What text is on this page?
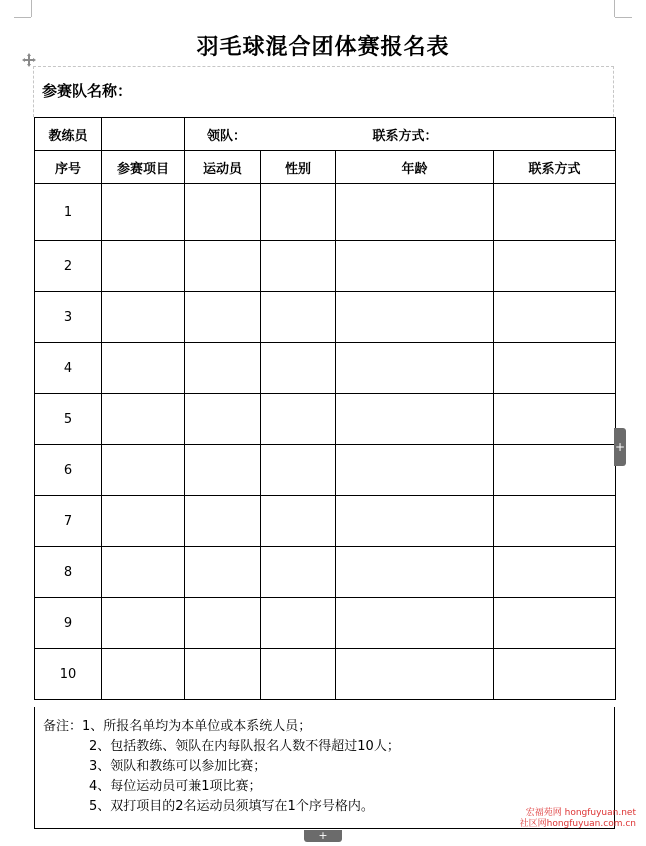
羽毛球混合团体赛报名表
参赛队名称：
教练员		领队： 联系方式：			
序号	参赛项目	运动员	性别	年龄	联系方式
1					
2					
3					
4					
5					
6					
7					
8					
9					
10					
备注：1、所报名单均为本单位或本系统人员；
2、包括教练、领队在内每队报名人数不得超过10人；
3、领队和教练可以参加比赛；
4、每位运动员可兼1项比赛；
5、双打项目的2名运动员须填写在1个序号格内。
+
+
宏福苑网 hongfuyuan.net
社区网hongfuyuan.com.cn
